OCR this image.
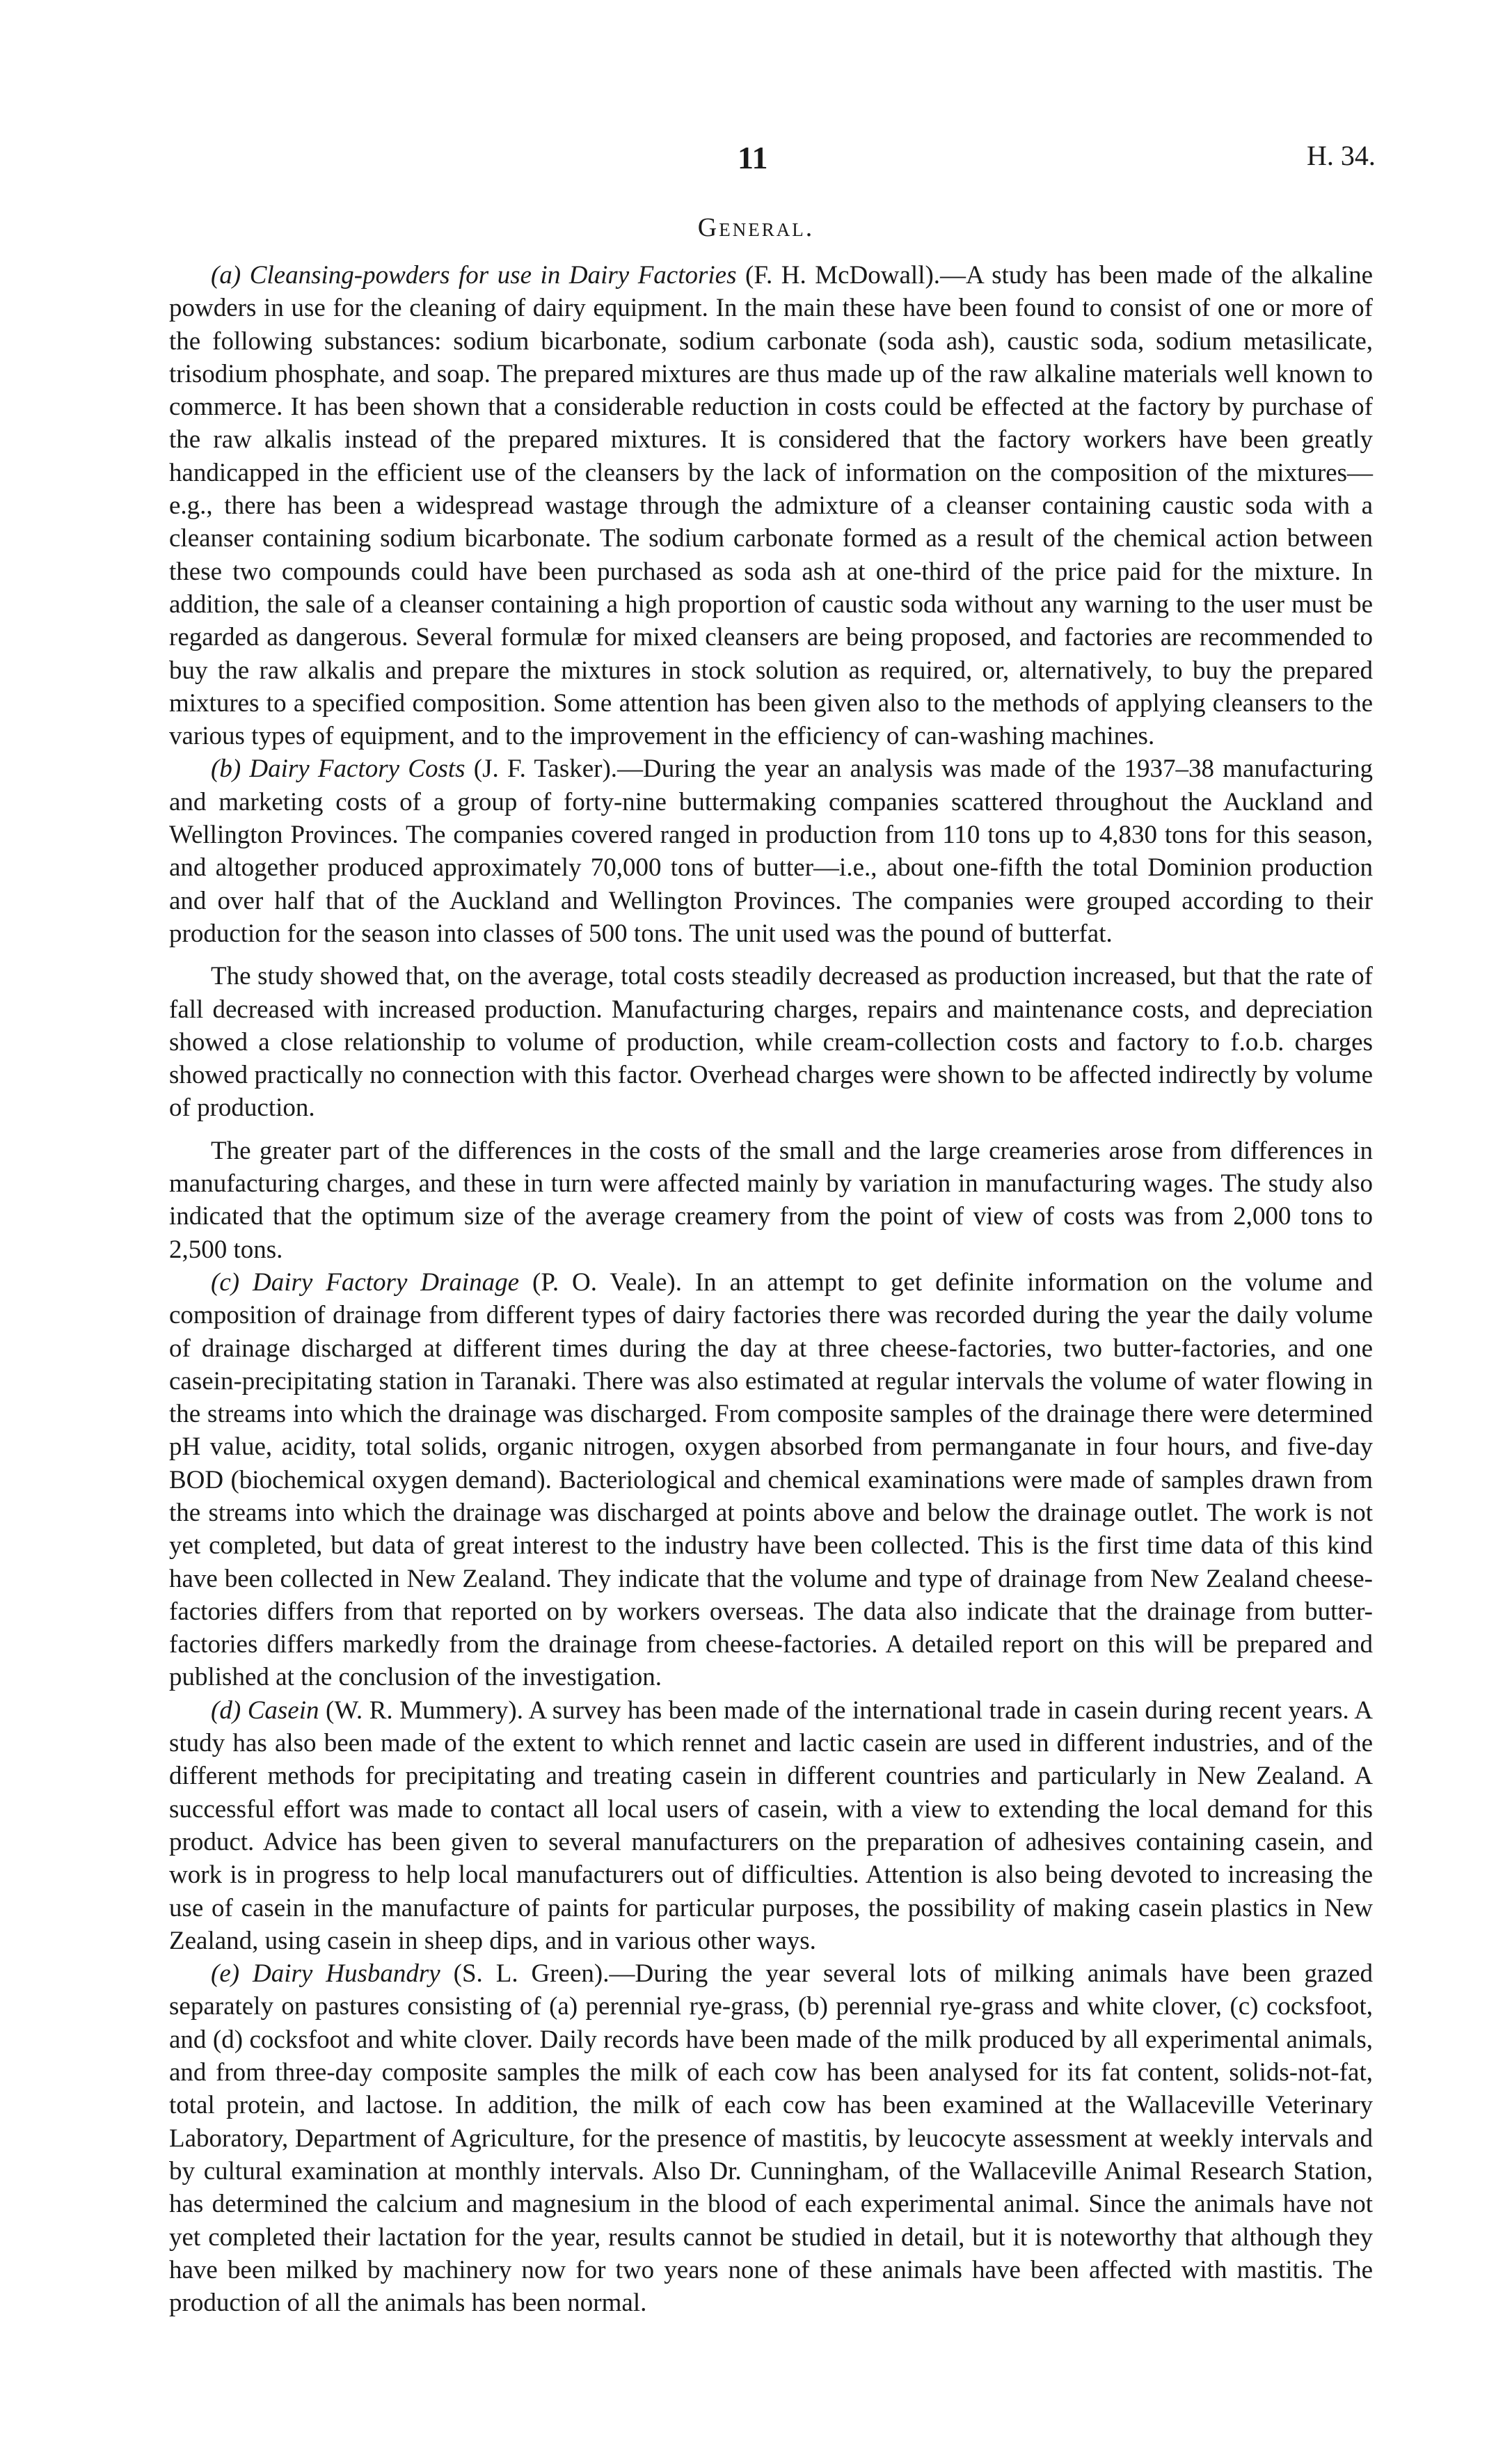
11	H. 34.
General.

(a) Cleansing-powders for use in Dairy Factories (F. H. McDowall).—A study has been made of the alkaline powders in use for the cleaning of dairy equipment. In the main these have been found to consist of one or more of the following substances: sodium bicarbonate, sodium carbonate (soda ash), caustic soda, sodium metasilicate, trisodium phosphate, and soap. The prepared mixtures are thus made up of the raw alkaline materials well known to commerce. It has been shown that a considerable reduction in costs could be effected at the factory by purchase of the raw alkalis instead of the prepared mixtures. It is considered that the factory workers have been greatly handicapped in the efficient use of the cleansers by the lack of information on the composition of the mixtures—e.g., there has been a widespread wastage through the admixture of a cleanser containing caustic soda with a cleanser containing sodium bicarbonate. The sodium carbonate formed as a result of the chemical action between these two compounds could have been purchased as soda ash at one-third of the price paid for the mixture. In addition, the sale of a cleanser containing a high proportion of caustic soda without any warning to the user must be regarded as dangerous. Several formulæ for mixed cleansers are being proposed, and factories are recommended to buy the raw alkalis and prepare the mixtures in stock solution as required, or, alternatively, to buy the prepared mixtures to a specified composition. Some attention has been given also to the methods of applying cleansers to the various types of equipment, and to the improvement in the efficiency of can-washing machines.

(b) Dairy Factory Costs (J. F. Tasker).—During the year an analysis was made of the 1937–38 manufacturing and marketing costs of a group of forty-nine buttermaking companies scattered throughout the Auckland and Wellington Provinces. The companies covered ranged in production from 110 tons up to 4,830 tons for this season, and altogether produced approximately 70,000 tons of butter—i.e., about one-fifth the total Dominion production and over half that of the Auckland and Wellington Provinces. The companies were grouped according to their production for the season into classes of 500 tons. The unit used was the pound of butterfat.

The study showed that, on the average, total costs steadily decreased as production increased, but that the rate of fall decreased with increased production. Manufacturing charges, repairs and maintenance costs, and depreciation showed a close relationship to volume of production, while cream-collection costs and factory to f.o.b. charges showed practically no connection with this factor. Overhead charges were shown to be affected indirectly by volume of production.

The greater part of the differences in the costs of the small and the large creameries arose from differences in manufacturing charges, and these in turn were affected mainly by variation in manufacturing wages. The study also indicated that the optimum size of the average creamery from the point of view of costs was from 2,000 tons to 2,500 tons.

(c) Dairy Factory Drainage (P. O. Veale). In an attempt to get definite information on the volume and composition of drainage from different types of dairy factories there was recorded during the year the daily volume of drainage discharged at different times during the day at three cheese-factories, two butter-factories, and one casein-precipitating station in Taranaki. There was also estimated at regular intervals the volume of water flowing in the streams into which the drainage was discharged. From composite samples of the drainage there were determined pH value, acidity, total solids, organic nitrogen, oxygen absorbed from permanganate in four hours, and five-day BOD (biochemical oxygen demand). Bacteriological and chemical examinations were made of samples drawn from the streams into which the drainage was discharged at points above and below the drainage outlet. The work is not yet completed, but data of great interest to the industry have been collected. This is the first time data of this kind have been collected in New Zealand. They indicate that the volume and type of drainage from New Zealand cheese-factories differs from that reported on by workers overseas. The data also indicate that the drainage from butter-factories differs markedly from the drainage from cheese-factories. A detailed report on this will be prepared and published at the conclusion of the investigation.

(d) Casein (W. R. Mummery). A survey has been made of the international trade in casein during recent years. A study has also been made of the extent to which rennet and lactic casein are used in different industries, and of the different methods for precipitating and treating casein in different countries and particularly in New Zealand. A successful effort was made to contact all local users of casein, with a view to extending the local demand for this product. Advice has been given to several manufacturers on the preparation of adhesives containing casein, and work is in progress to help local manufacturers out of difficulties. Attention is also being devoted to increasing the use of casein in the manufacture of paints for particular purposes, the possibility of making casein plastics in New Zealand, using casein in sheep dips, and in various other ways.

(e) Dairy Husbandry (S. L. Green).—During the year several lots of milking animals have been grazed separately on pastures consisting of (a) perennial rye-grass, (b) perennial rye-grass and white clover, (c) cocksfoot, and (d) cocksfoot and white clover. Daily records have been made of the milk produced by all experimental animals, and from three-day composite samples the milk of each cow has been analysed for its fat content, solids-not-fat, total protein, and lactose. In addition, the milk of each cow has been examined at the Wallaceville Veterinary Laboratory, Department of Agriculture, for the presence of mastitis, by leucocyte assessment at weekly intervals and by cultural examination at monthly intervals. Also Dr. Cunningham, of the Wallaceville Animal Research Station, has determined the calcium and magnesium in the blood of each experimental animal. Since the animals have not yet completed their lactation for the year, results cannot be studied in detail, but it is noteworthy that although they have been milked by machinery now for two years none of these animals have been affected with mastitis. The production of all the animals has been normal.
